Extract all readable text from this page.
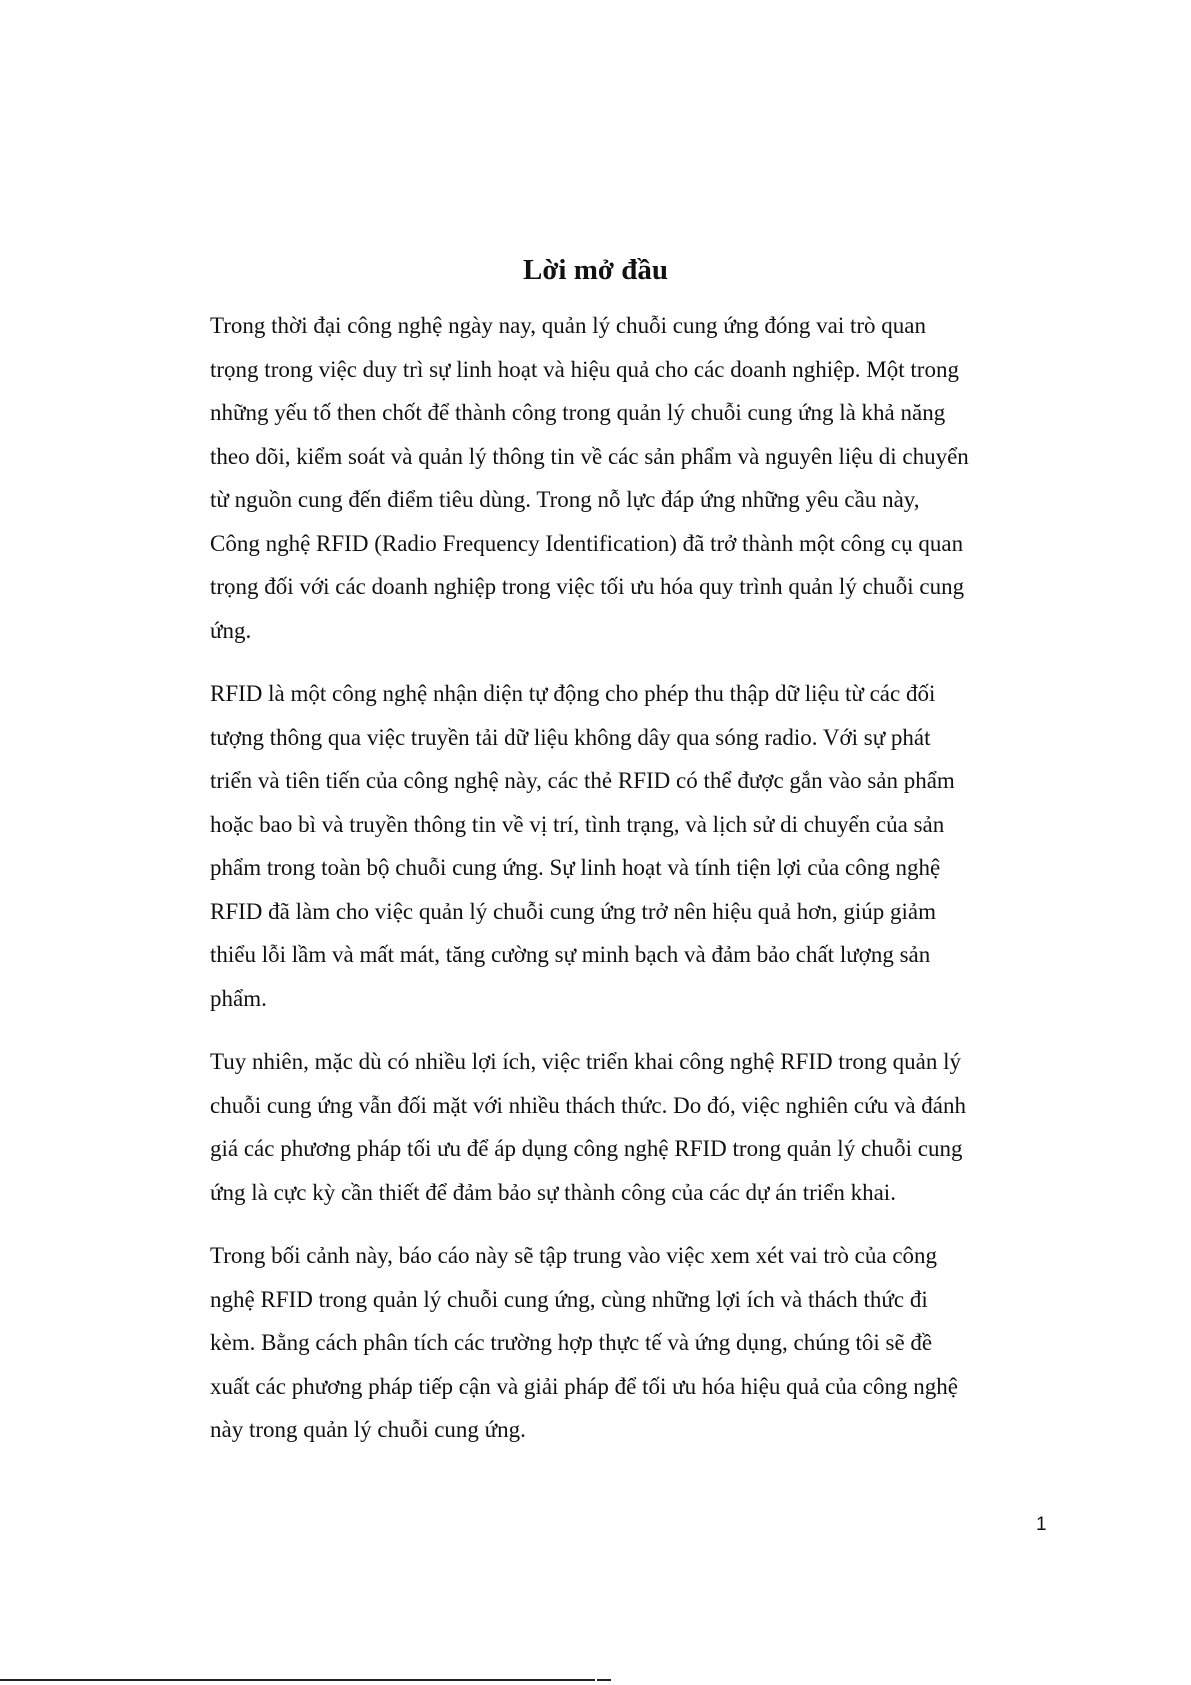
Lời mở đầu

Trong thời đại công nghệ ngày nay, quản lý chuỗi cung ứng đóng vai trò quan
trọng trong việc duy trì sự linh hoạt và hiệu quả cho các doanh nghiệp. Một trong
những yếu tố then chốt để thành công trong quản lý chuỗi cung ứng là khả năng
theo dõi, kiểm soát và quản lý thông tin về các sản phẩm và nguyên liệu di chuyển
từ nguồn cung đến điểm tiêu dùng. Trong nỗ lực đáp ứng những yêu cầu này,
Công nghệ RFID (Radio Frequency Identification) đã trở thành một công cụ quan
trọng đối với các doanh nghiệp trong việc tối ưu hóa quy trình quản lý chuỗi cung
ứng.

RFID là một công nghệ nhận diện tự động cho phép thu thập dữ liệu từ các đối
tượng thông qua việc truyền tải dữ liệu không dây qua sóng radio. Với sự phát
triển và tiên tiến của công nghệ này, các thẻ RFID có thể được gắn vào sản phẩm
hoặc bao bì và truyền thông tin về vị trí, tình trạng, và lịch sử di chuyển của sản
phẩm trong toàn bộ chuỗi cung ứng. Sự linh hoạt và tính tiện lợi của công nghệ
RFID đã làm cho việc quản lý chuỗi cung ứng trở nên hiệu quả hơn, giúp giảm
thiểu lỗi lầm và mất mát, tăng cường sự minh bạch và đảm bảo chất lượng sản
phẩm.

Tuy nhiên, mặc dù có nhiều lợi ích, việc triển khai công nghệ RFID trong quản lý
chuỗi cung ứng vẫn đối mặt với nhiều thách thức. Do đó, việc nghiên cứu và đánh
giá các phương pháp tối ưu để áp dụng công nghệ RFID trong quản lý chuỗi cung
ứng là cực kỳ cần thiết để đảm bảo sự thành công của các dự án triển khai.

Trong bối cảnh này, báo cáo này sẽ tập trung vào việc xem xét vai trò của công
nghệ RFID trong quản lý chuỗi cung ứng, cùng những lợi ích và thách thức đi
kèm. Bằng cách phân tích các trường hợp thực tế và ứng dụng, chúng tôi sẽ đề
xuất các phương pháp tiếp cận và giải pháp để tối ưu hóa hiệu quả của công nghệ
này trong quản lý chuỗi cung ứng.

1
